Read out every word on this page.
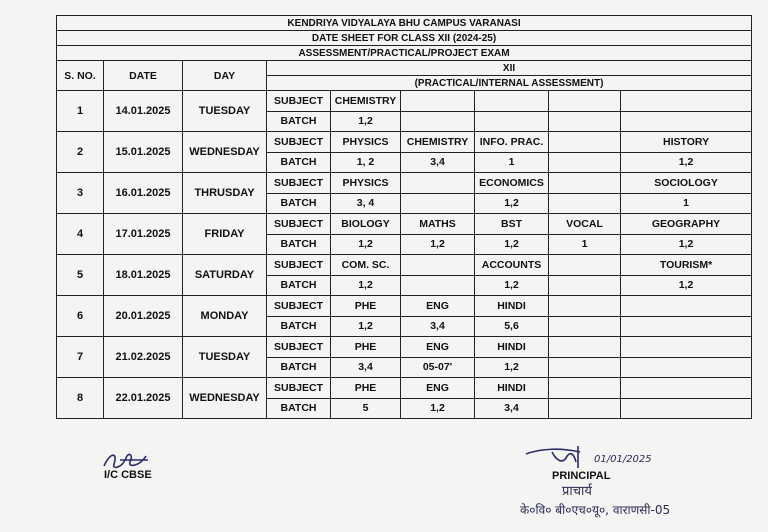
KENDRIYA VIDYALAYA BHU CAMPUS VARANASI								
DATE SHEET FOR CLASS XII (2024-25)								
ASSESSMENT/PRACTICAL/PROJECT EXAM								
S. NO.	DATE	DAY	XII					
			(PRACTICAL/INTERNAL ASSESSMENT)					
1	14.01.2025	TUESDAY	SUBJECT	CHEMISTRY				
			BATCH	1,2				
2	15.01.2025	WEDNESDAY	SUBJECT	PHYSICS	CHEMISTRY	INFO. PRAC.		HISTORY
			BATCH	1, 2	3,4	1		1,2
3	16.01.2025	THRUSDAY	SUBJECT	PHYSICS		ECONOMICS		SOCIOLOGY
			BATCH	3, 4		1,2		1
4	17.01.2025	FRIDAY	SUBJECT	BIOLOGY	MATHS	BST	VOCAL	GEOGRAPHY
			BATCH	1,2	1,2	1,2	1	1,2
5	18.01.2025	SATURDAY	SUBJECT	COM. SC.		ACCOUNTS		TOURISM*
			BATCH	1,2		1,2		1,2
6	20.01.2025	MONDAY	SUBJECT	PHE	ENG	HINDI		
			BATCH	1,2	3,4	5,6		
7	21.02.2025	TUESDAY	SUBJECT	PHE	ENG	HINDI		
			BATCH	3,4	05-07'	1,2		
8	22.01.2025	WEDNESDAY	SUBJECT	PHE	ENG	HINDI		
			BATCH	5	1,2	3,4		
I/C CBSE
01/01/2025
PRINCIPAL
प्राचार्य
के०वि० बी०एच०यू०, वाराणसी-05
